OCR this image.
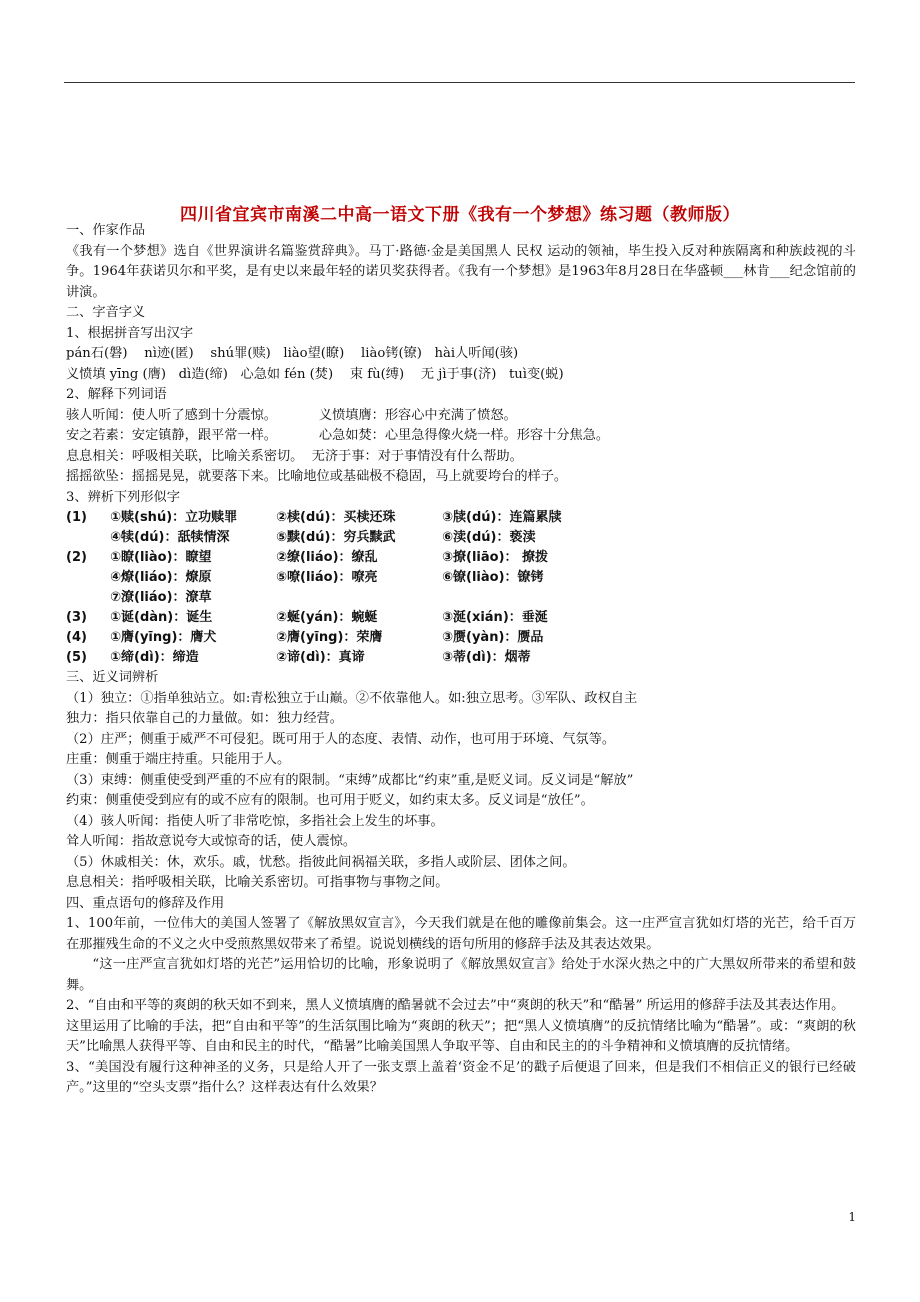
四川省宜宾市南溪二中高一语文下册《我有一个梦想》练习题（教师版）

一、作家作品

《我有一个梦想》选自《世界演讲名篇鉴赏辞典》。马丁·路德·金是美国黑人 民权 运动的领袖，毕生投入反对种族隔离和种族歧视的斗争。1964年获诺贝尔和平奖，是有史以来最年轻的诺贝奖获得者。《我有一个梦想》是1963年8月28日在华盛顿___林肯___纪念馆前的讲演。

二、字音字义

1、根据拼音写出汉字

pán石(磐)    nì迹(匿)    shú罪(赎)   liào望(瞭)    liào铐(镣)   hài人听闻(骇)

义愤填 yīng (膺)   dì造(缔)   心急如 fén (焚)    束 fù(缚)    无 jì于事(济)   tuì变(蜕)

2、解释下列词语

骇人听闻：使人听了感到十分震惊。          义愤填膺：形容心中充满了愤怒。

安之若素：安定镇静，跟平常一样。          心急如焚：心里急得像火烧一样。形容十分焦急。

息息相关：呼吸相关联，比喻关系密切。  无济于事：对于事情没有什么帮助。

摇摇欲坠：摇摇晃晃，就要落下来。比喻地位或基础极不稳固，马上就要垮台的样子。

3、辨析下列形似字

(1)	①赎(shú)：立功赎罪	②椟(dú)：买椟还珠	③牍(dú)：连篇累牍
④犊(dú)：舐犊情深	⑤黩(dú)：穷兵黩武	⑥渎(dú)：亵渎
(2)	①瞭(liào)：瞭望	②缭(liáo)：缭乱	③撩(liāo)： 撩拨
④燎(liáo)：燎原	⑤嘹(liáo)：嘹亮	⑥镣(liào)：镣铐
⑦潦(liáo)：潦草
(3)	①诞(dàn)：诞生	②蜒(yán)：蜿蜒	③涎(xián)：垂涎
(4)	①膺(yīng)：膺犬	②膺(yīng)：荣膺	③赝(yàn)：赝品
(5)	①缔(dì)：缔造	②谛(dì)：真谛	③蒂(dì)：烟蒂

三、近义词辨析

（1）独立：①指单独站立。如:青松独立于山巅。②不依靠他人。如:独立思考。③军队、政权自主

独力：指只依靠自己的力量做。如：独力经营。

（2）庄严；侧重于威严不可侵犯。既可用于人的态度、表情、动作，也可用于环境、气氛等。

庄重：侧重于端庄持重。只能用于人。

（3）束缚：侧重使受到严重的不应有的限制。“束缚”成都比“约束”重,是贬义词。反义词是“解放”

约束：侧重使受到应有的或不应有的限制。也可用于贬义，如约束太多。反义词是“放任”。

（4）骇人听闻：指使人听了非常吃惊，多指社会上发生的坏事。

耸人听闻：指故意说夸大或惊奇的话，使人震惊。

（5）休戚相关：休，欢乐。戚，忧愁。指彼此间祸福关联，多指人或阶层、团体之间。

息息相关：指呼吸相关联，比喻关系密切。可指事物与事物之间。

四、重点语句的修辞及作用

1、100年前，一位伟大的美国人签署了《解放黑奴宣言》，今天我们就是在他的雕像前集会。这一庄严宣言犹如灯塔的光芒，给千百万在那摧残生命的不义之火中受煎熬黑奴带来了希望。说说划横线的语句所用的修辞手法及其表达效果。

“这一庄严宣言犹如灯塔的光芒”运用恰切的比喻，形象说明了《解放黑奴宣言》给处于水深火热之中的广大黑奴所带来的希望和鼓舞。

2、“自由和平等的爽朗的秋天如不到来，黑人义愤填膺的酷暑就不会过去”中“爽朗的秋天”和“酷暑” 所运用的修辞手法及其表达作用。

这里运用了比喻的手法，把“自由和平等”的生活氛围比喻为“爽朗的秋天”；把“黑人义愤填膺”的反抗情绪比喻为“酷暑”。或：“爽朗的秋天”比喻黑人获得平等、自由和民主的时代，“酷暑”比喻美国黑人争取平等、自由和民主的的斗争精神和义愤填膺的反抗情绪。

3、“美国没有履行这种神圣的义务，只是给人开了一张支票上盖着‘资金不足’的戳子后便退了回来，但是我们不相信正义的银行已经破产。”这里的“空头支票”指什么？这样表达有什么效果？

1
